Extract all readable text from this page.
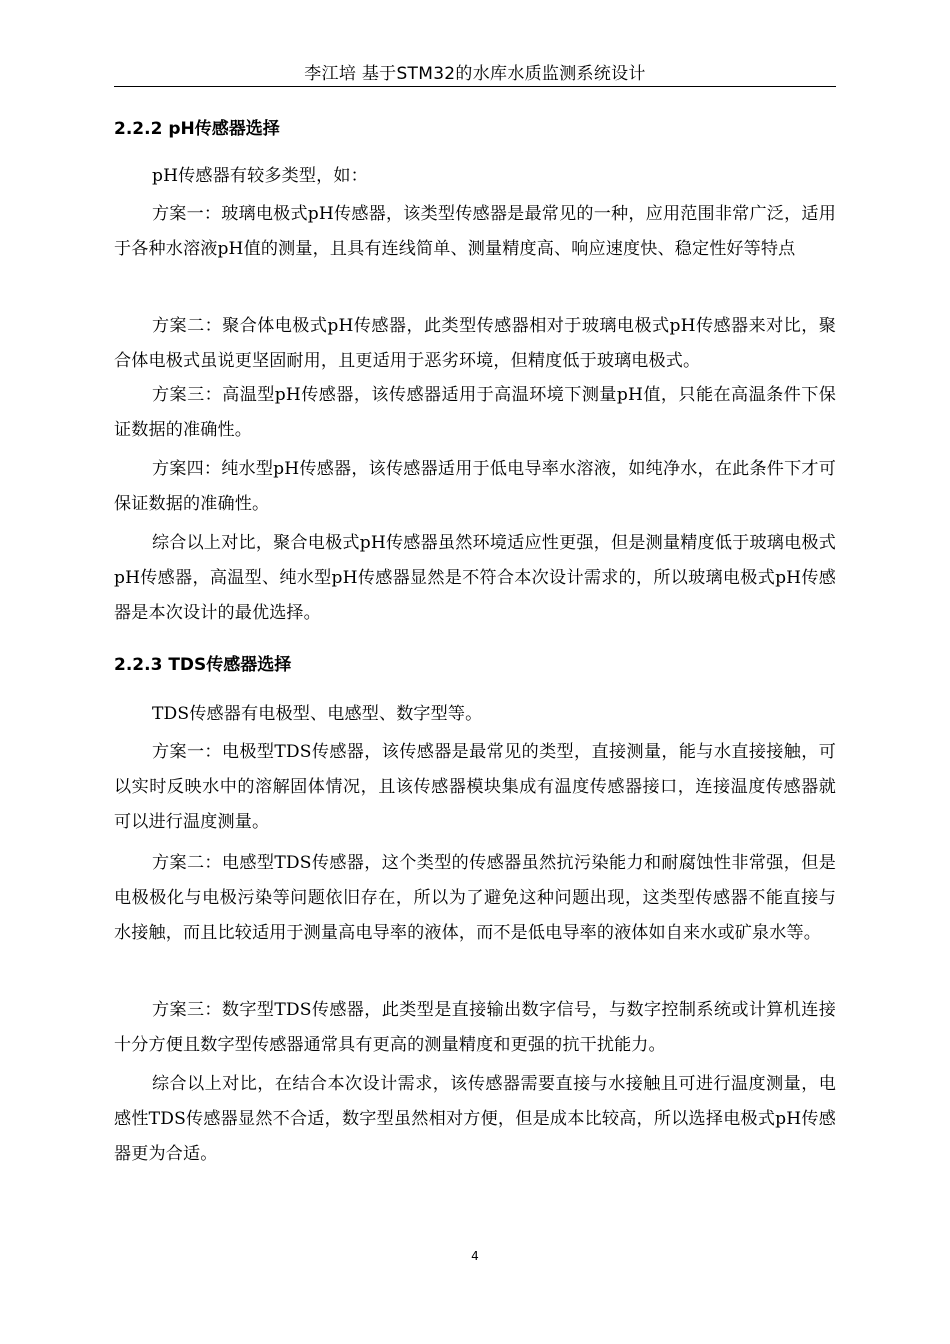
李江培 基于STM32的水库水质监测系统设计
2.2.2 pH传感器选择
pH传感器有较多类型，如：
方案一：玻璃电极式pH传感器，该类型传感器是最常见的一种，应用范围非常广泛，适用于各种水溶液pH值的测量，且具有连线简单、测量精度高、响应速度快、稳定性好等特点
方案二：聚合体电极式pH传感器，此类型传感器相对于玻璃电极式pH传感器来对比，聚合体电极式虽说更坚固耐用，且更适用于恶劣环境，但精度低于玻璃电极式。
方案三：高温型pH传感器，该传感器适用于高温环境下测量pH值，只能在高温条件下保证数据的准确性。
方案四：纯水型pH传感器，该传感器适用于低电导率水溶液，如纯净水，在此条件下才可保证数据的准确性。
综合以上对比，聚合电极式pH传感器虽然环境适应性更强，但是测量精度低于玻璃电极式pH传感器，高温型、纯水型pH传感器显然是不符合本次设计需求的，所以玻璃电极式pH传感器是本次设计的最优选择。
2.2.3 TDS传感器选择
TDS传感器有电极型、电感型、数字型等。
方案一：电极型TDS传感器，该传感器是最常见的类型，直接测量，能与水直接接触，可以实时反映水中的溶解固体情况，且该传感器模块集成有温度传感器接口，连接温度传感器就可以进行温度测量。
方案二：电感型TDS传感器，这个类型的传感器虽然抗污染能力和耐腐蚀性非常强，但是电极极化与电极污染等问题依旧存在，所以为了避免这种问题出现，这类型传感器不能直接与水接触，而且比较适用于测量高电导率的液体，而不是低电导率的液体如自来水或矿泉水等。
方案三：数字型TDS传感器，此类型是直接输出数字信号，与数字控制系统或计算机连接十分方便且数字型传感器通常具有更高的测量精度和更强的抗干扰能力。
综合以上对比，在结合本次设计需求，该传感器需要直接与水接触且可进行温度测量，电感性TDS传感器显然不合适，数字型虽然相对方便，但是成本比较高，所以选择电极式pH传感器更为合适。
4
